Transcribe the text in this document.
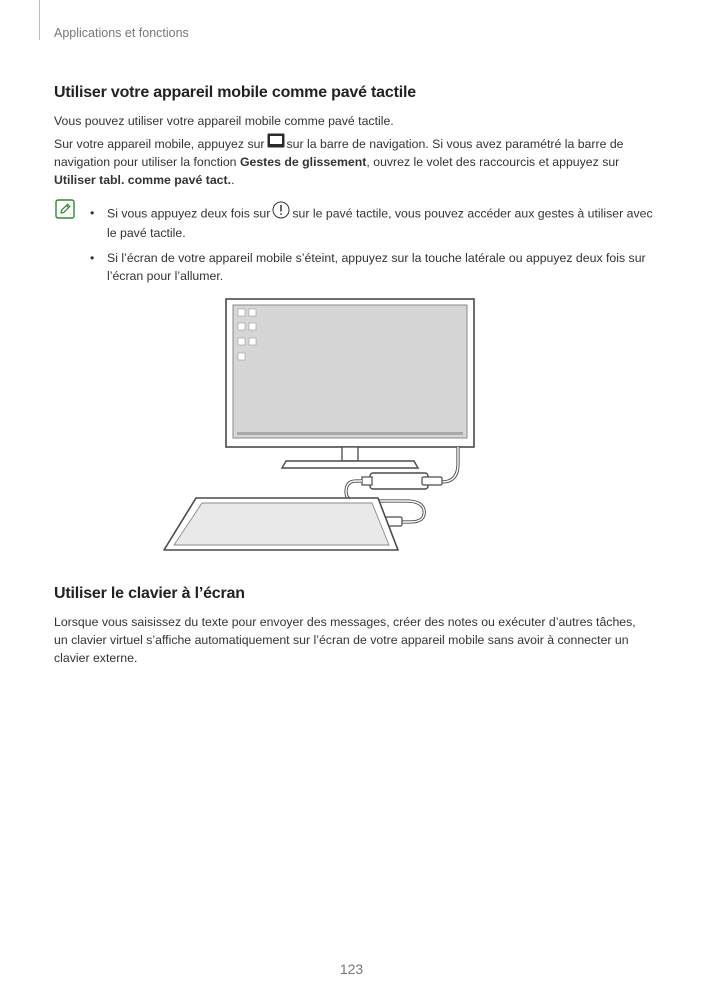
Applications et fonctions
Utiliser votre appareil mobile comme pavé tactile

Vous pouvez utiliser votre appareil mobile comme pavé tactile.

Sur votre appareil mobile, appuyez sur sur la barre de navigation. Si vous avez paramétré la barre de navigation pour utiliser la fonction Gestes de glissement, ouvrez le volet des raccourcis et appuyez sur
Utiliser tabl. comme pavé tact..

• Si vous appuyez deux fois sur sur le pavé tactile, vous pouvez accéder aux gestes à utiliser avec le pavé tactile.
• Si l’écran de votre appareil mobile s’éteint, appuyez sur la touche latérale ou appuyez deux fois sur l’écran pour l’allumer.
Utiliser le clavier à l’écran

Lorsque vous saisissez du texte pour envoyer des messages, créer des notes ou exécuter d’autres tâches, un clavier virtuel s’affiche automatiquement sur l’écran de votre appareil mobile sans avoir à connecter un clavier externe.

123
